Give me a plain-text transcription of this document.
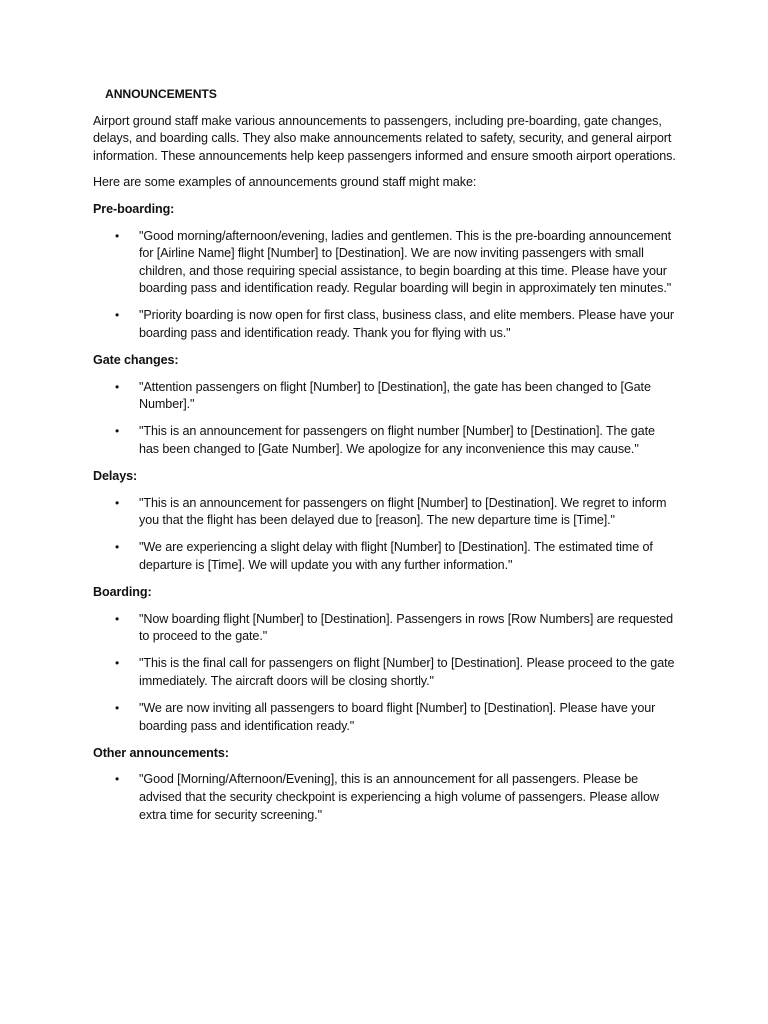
ANNOUNCEMENTS

Airport ground staff make various announcements to passengers, including pre-boarding, gate changes, delays, and boarding calls. They also make announcements related to safety, security, and general airport information. These announcements help keep passengers informed and ensure smooth airport operations.

Here are some examples of announcements ground staff might make:

Pre-boarding:
• "Good morning/afternoon/evening, ladies and gentlemen. This is the pre-boarding announcement for [Airline Name] flight [Number] to [Destination]. We are now inviting passengers with small children, and those requiring special assistance, to begin boarding at this time. Please have your boarding pass and identification ready. Regular boarding will begin in approximately ten minutes."
• "Priority boarding is now open for first class, business class, and elite members. Please have your boarding pass and identification ready. Thank you for flying with us."
Gate changes:
• "Attention passengers on flight [Number] to [Destination], the gate has been changed to [Gate Number]."
• "This is an announcement for passengers on flight number [Number] to [Destination]. The gate has been changed to [Gate Number]. We apologize for any inconvenience this may cause."
Delays:
• "This is an announcement for passengers on flight [Number] to [Destination]. We regret to inform you that the flight has been delayed due to [reason]. The new departure time is [Time]."
• "We are experiencing a slight delay with flight [Number] to [Destination]. The estimated time of departure is [Time]. We will update you with any further information."
Boarding:
• "Now boarding flight [Number] to [Destination]. Passengers in rows [Row Numbers] are requested to proceed to the gate."
• "This is the final call for passengers on flight [Number] to [Destination]. Please proceed to the gate immediately. The aircraft doors will be closing shortly."
• "We are now inviting all passengers to board flight [Number] to [Destination]. Please have your boarding pass and identification ready."
Other announcements:
• "Good [Morning/Afternoon/Evening], this is an announcement for all passengers. Please be advised that the security checkpoint is experiencing a high volume of passengers. Please allow extra time for security screening."
